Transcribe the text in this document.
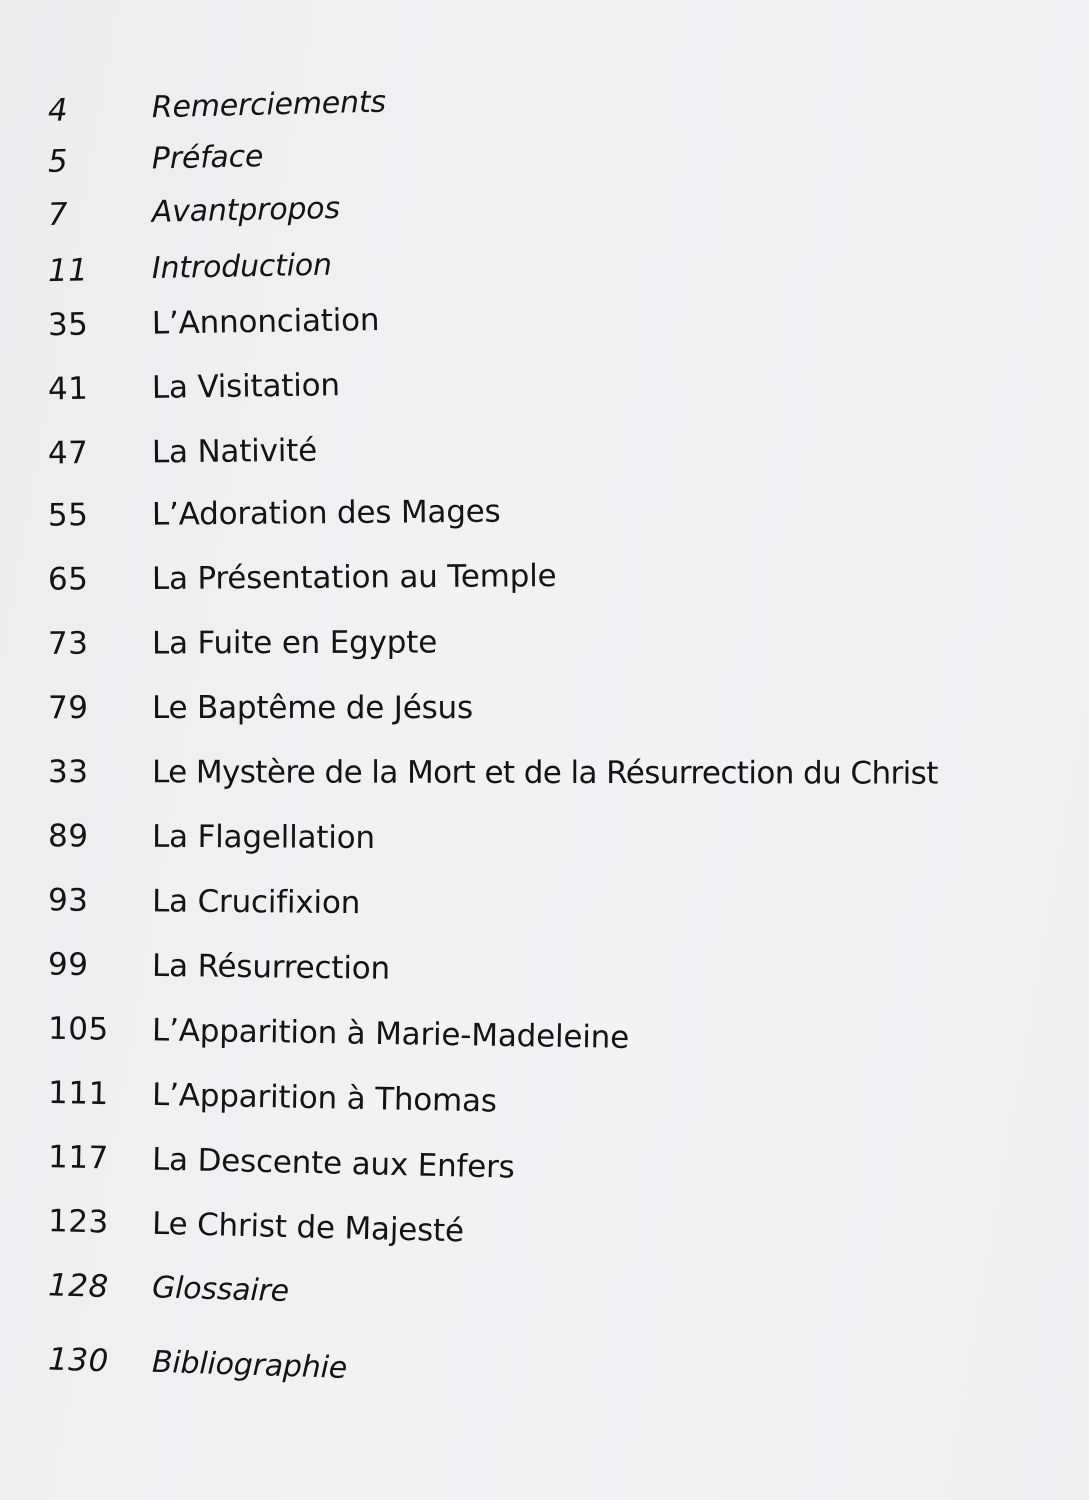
4	Remerciements
5	Préface
7	Avantpropos
11 Introduction
35 L’Annonciation
41 La Visitation
47 La Nativité
55 L’Adoration des Mages
65 La Présentation au Temple
73 La Fuite en Egypte
79 Le Baptême de Jésus
33 Le Mystère de la Mort et de la Résurrection du Christ
89 La Flagellation
93 La Crucifixion
99 La Résurrection
105 L’Apparition à Marie-Madeleine
111 L’Apparition à Thomas
117 La Descente aux Enfers
123 Le Christ de Majesté
128 Glossaire
130 Bibliographie
